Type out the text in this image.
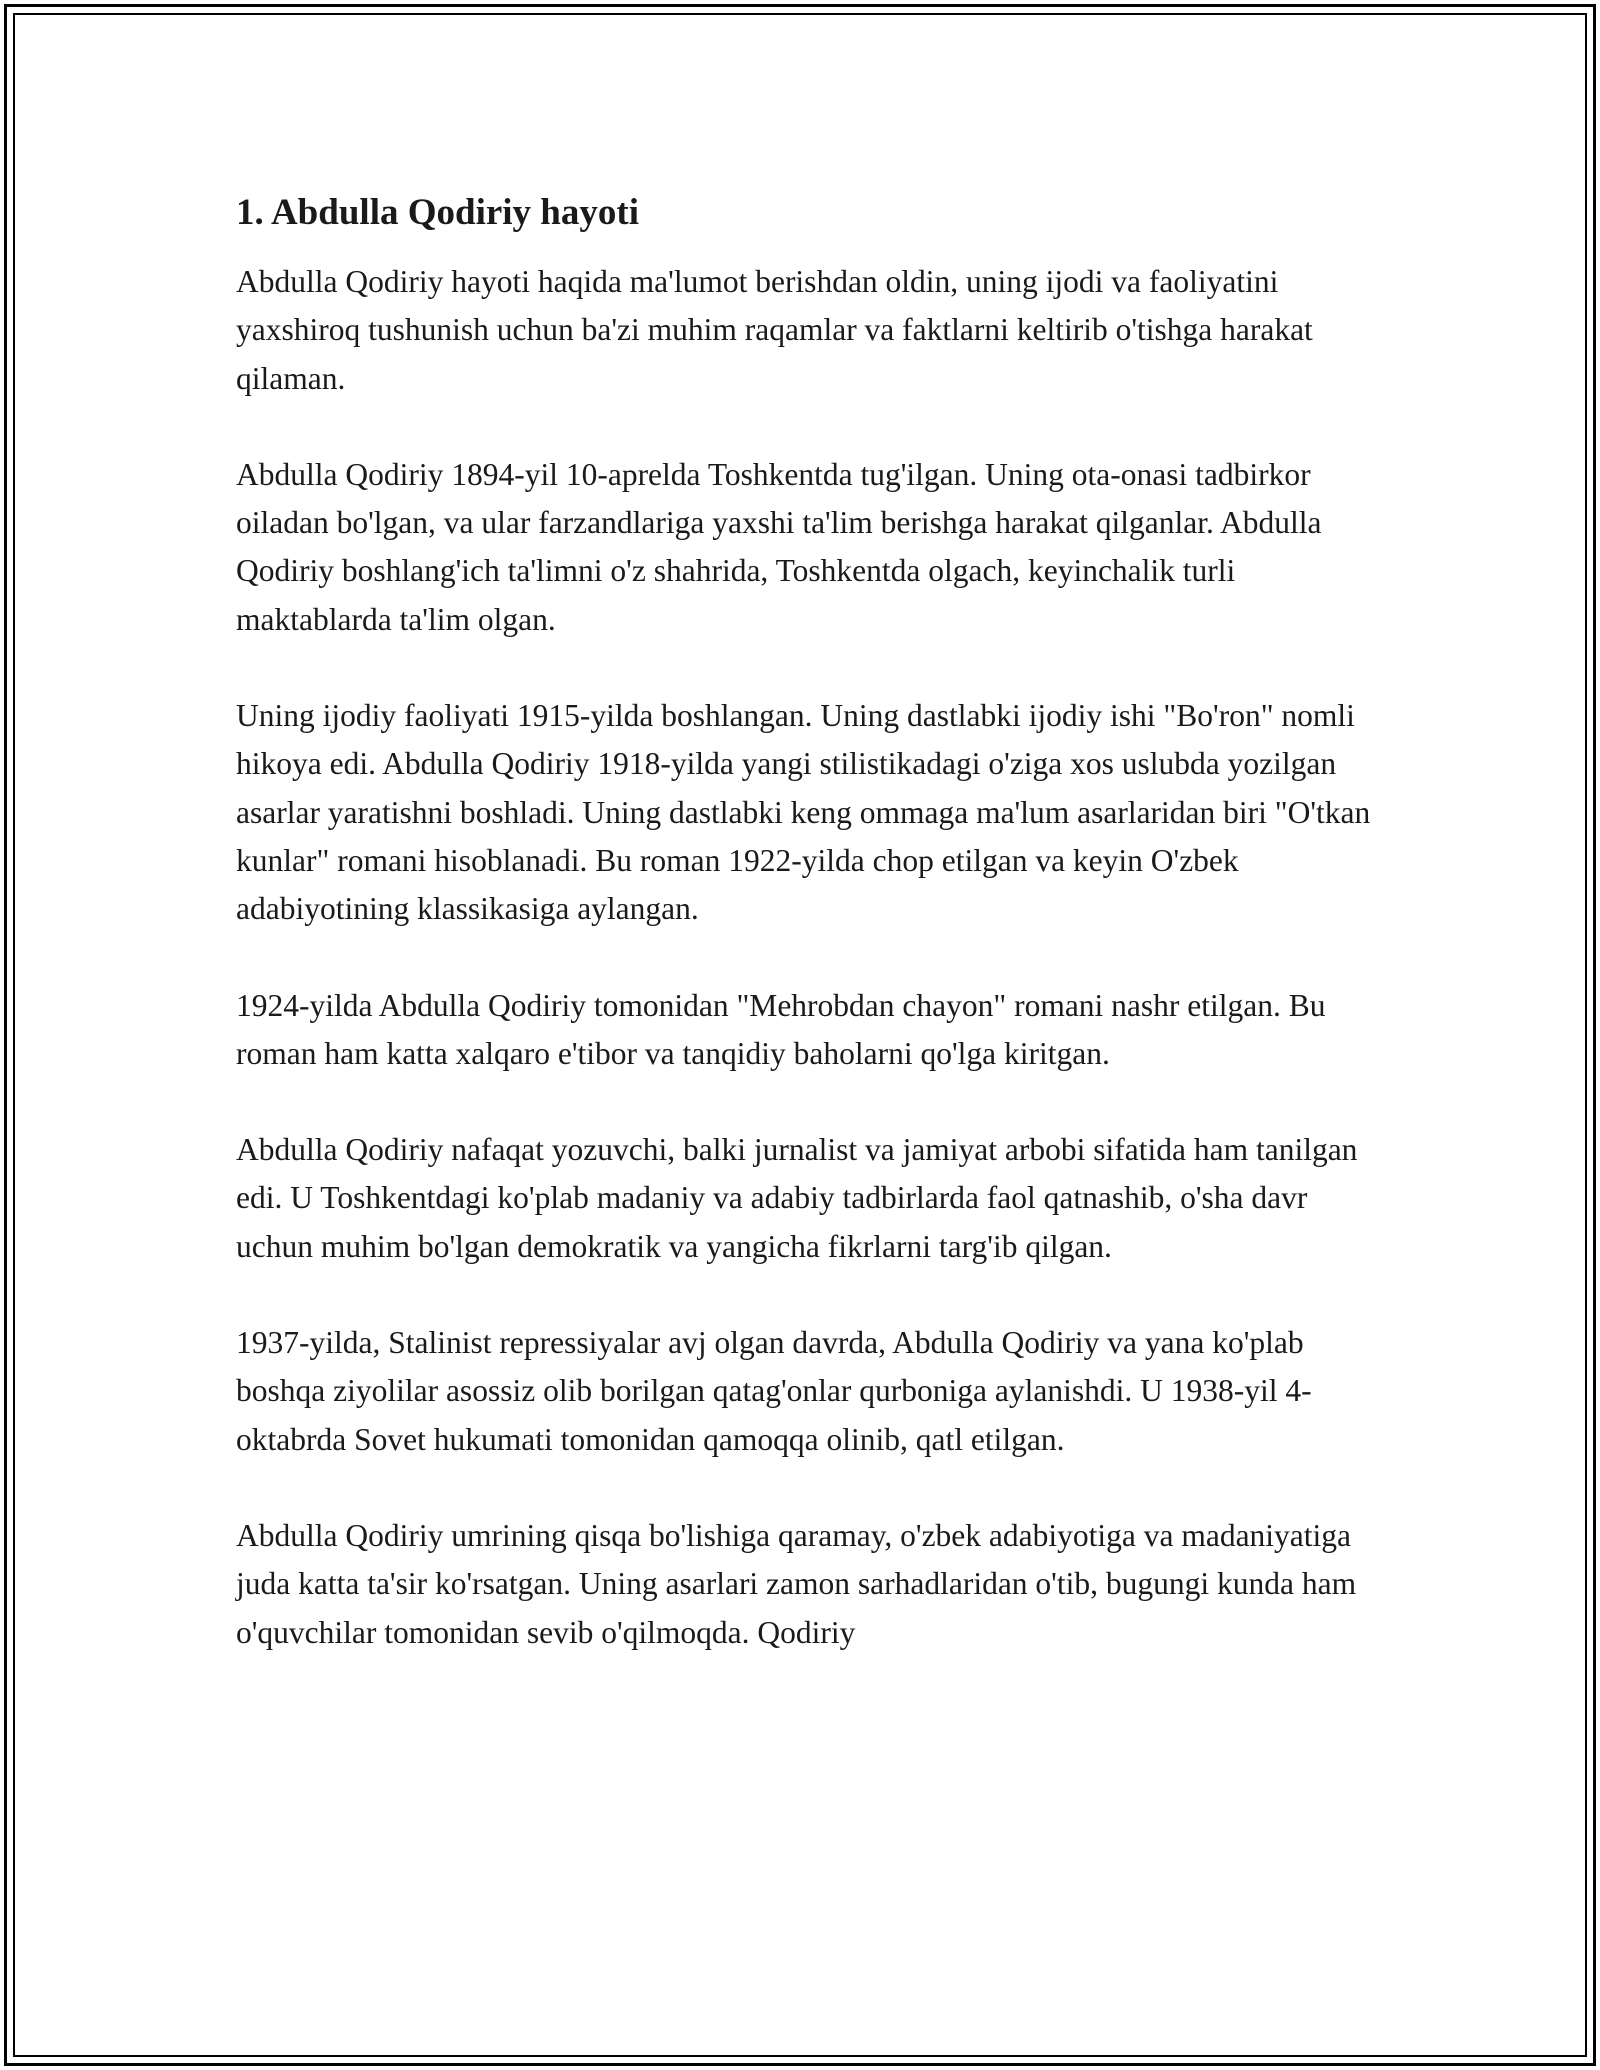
1. Abdulla Qodiriy hayoti

Abdulla Qodiriy hayoti haqida ma'lumot berishdan oldin, uning ijodi va faoliyatini yaxshiroq tushunish uchun ba'zi muhim raqamlar va faktlarni keltirib o'tishga harakat qilaman.

Abdulla Qodiriy 1894-yil 10-aprelda Toshkentda tug'ilgan. Uning ota-onasi tadbirkor oiladan bo'lgan, va ular farzandlariga yaxshi ta'lim berishga harakat qilganlar. Abdulla Qodiriy boshlang'ich ta'limni o'z shahrida, Toshkentda olgach, keyinchalik turli maktablarda ta'lim olgan.

Uning ijodiy faoliyati 1915-yilda boshlangan. Uning dastlabki ijodiy ishi "Bo'ron" nomli hikoya edi. Abdulla Qodiriy 1918-yilda yangi stilistikadagi o'ziga xos uslubda yozilgan asarlar yaratishni boshladi. Uning dastlabki keng ommaga ma'lum asarlaridan biri "O'tkan kunlar" romani hisoblanadi. Bu roman 1922-yilda chop etilgan va keyin O'zbek adabiyotining klassikasiga aylangan.

1924-yilda Abdulla Qodiriy tomonidan "Mehrobdan chayon" romani nashr etilgan. Bu roman ham katta xalqaro e'tibor va tanqidiy baholarni qo'lga kiritgan.

Abdulla Qodiriy nafaqat yozuvchi, balki jurnalist va jamiyat arbobi sifatida ham tanilgan edi. U Toshkentdagi ko'plab madaniy va adabiy tadbirlarda faol qatnashib, o'sha davr uchun muhim bo'lgan demokratik va yangicha fikrlarni targ'ib qilgan.

1937-yilda, Stalinist repressiyalar avj olgan davrda, Abdulla Qodiriy va yana ko'plab boshqa ziyolilar asossiz olib borilgan qatag'onlar qurboniga aylanishdi. U 1938-yil 4-oktabrda Sovet hukumati tomonidan qamoqqa olinib, qatl etilgan.

Abdulla Qodiriy umrining qisqa bo'lishiga qaramay, o'zbek adabiyotiga va madaniyatiga juda katta ta'sir ko'rsatgan. Uning asarlari zamon sarhadlaridan o'tib, bugungi kunda ham o'quvchilar tomonidan sevib o'qilmoqda. Qodiriy
